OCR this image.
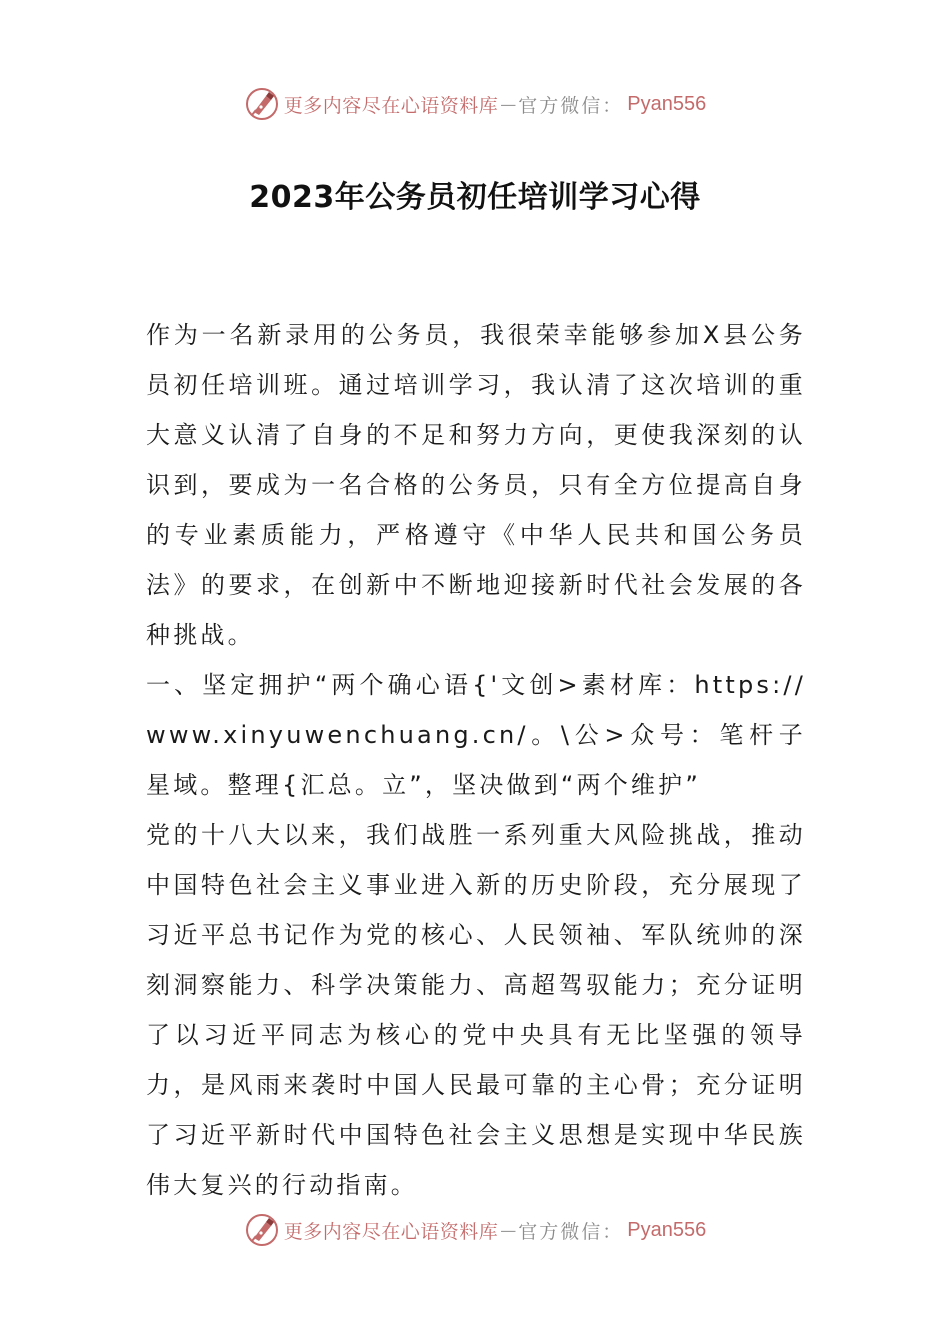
更多内容尽在心语资料库 — 官方微信： Pyan556
2023年公务员初任培训学习心得

作为一名新录用的公务员，我很荣幸能够参加X县公务员初任培训班。通过培训学习，我认清了这次培训的重大意义认清了自身的不足和努力方向，更使我深刻的认识到，要成为一名合格的公务员，只有全方位提高自身的专业素质能力，严格遵守《中华人民共和国公务员法》的要求，在创新中不断地迎接新时代社会发展的各种挑战。

一、坚定拥护“两个确心语{'文创>素材库：https://www.xinyuwenchuang.cn/。\公>众号：笔杆子星域。整理{汇总。立”，坚决做到“两个维护”

党的十八大以来，我们战胜一系列重大风险挑战，推动中国特色社会主义事业进入新的历史阶段，充分展现了习近平总书记作为党的核心、人民领袖、军队统帅的深刻洞察能力、科学决策能力、高超驾驭能力；充分证明了以习近平同志为核心的党中央具有无比坚强的领导力，是风雨来袭时中国人民最可靠的主心骨；充分证明了习近平新时代中国特色社会主义思想是实现中华民族伟大复兴的行动指南。

更多内容尽在心语资料库 — 官方微信： Pyan556
